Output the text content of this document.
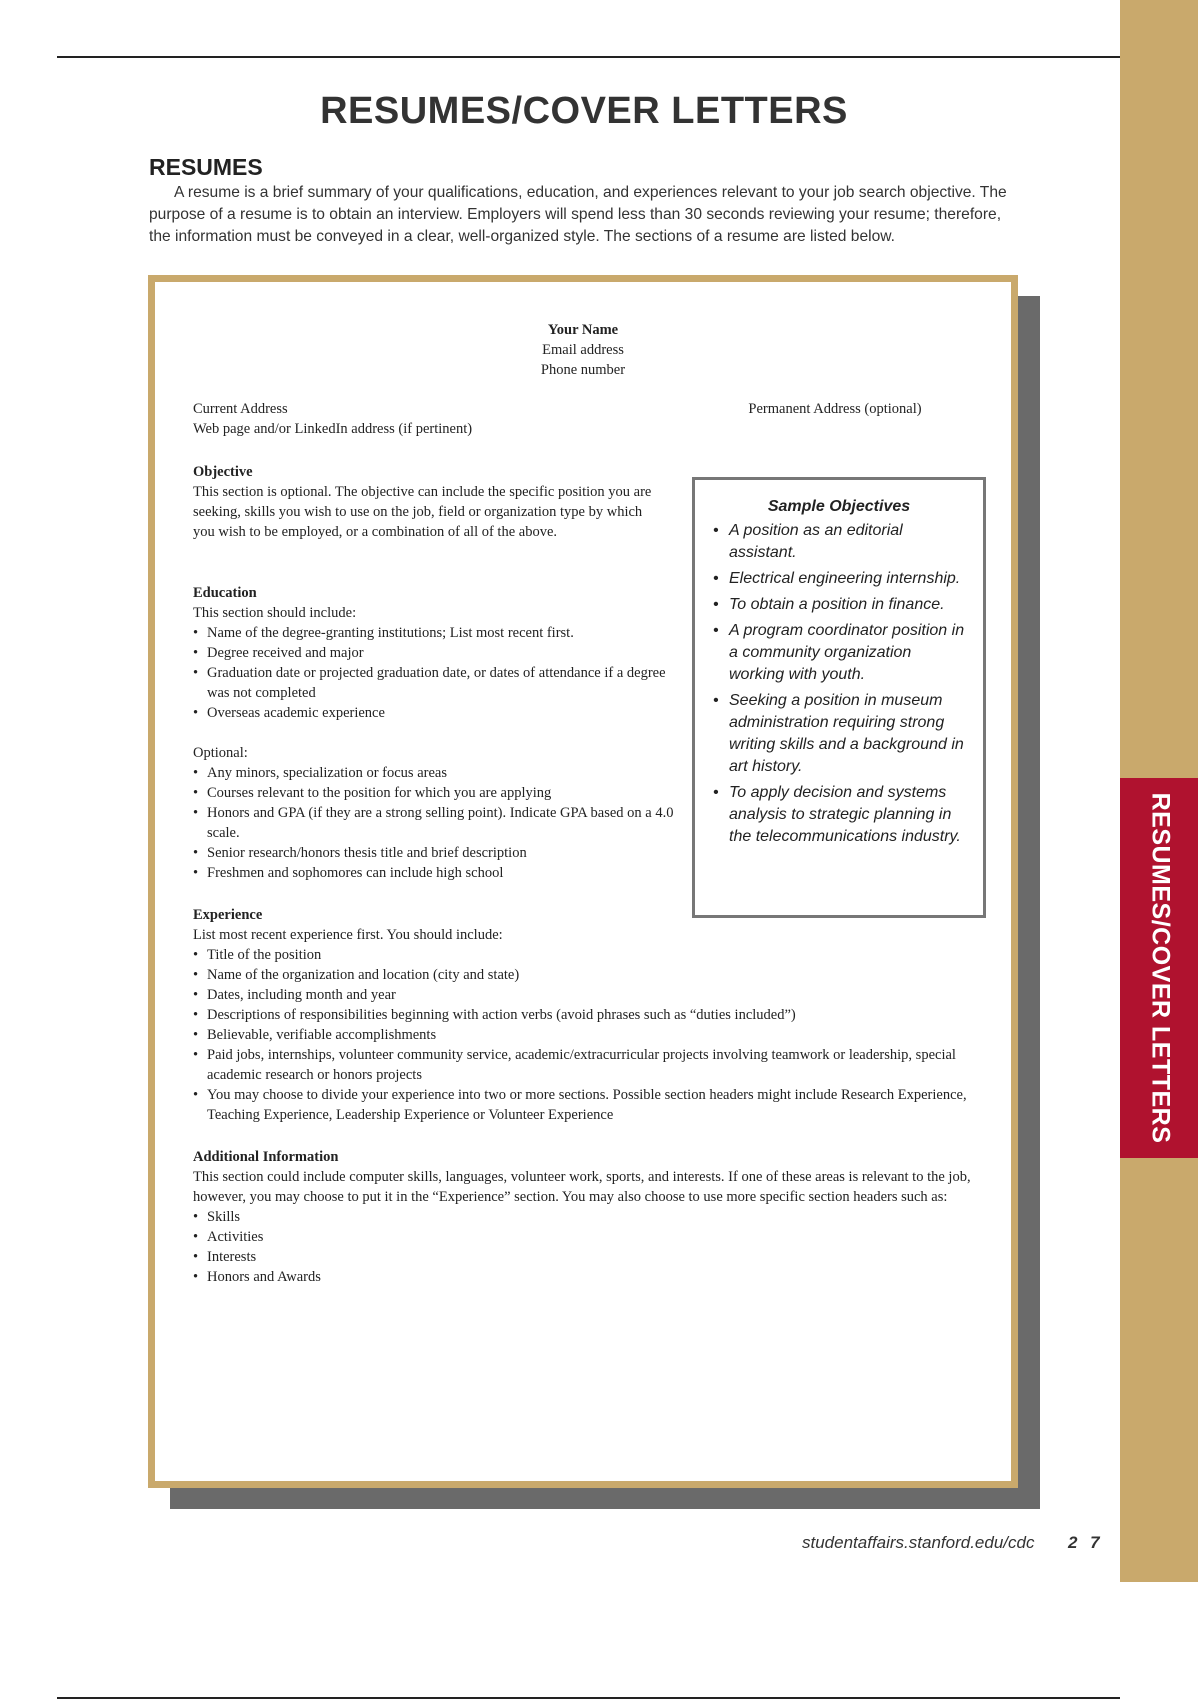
RESUMES/COVER LETTERS
RESUMES/COVER LETTERS
RESUMES
A resume is a brief summary of your qualifications, education, and experiences relevant to your job search objective. The purpose of a resume is to obtain an interview. Employers will spend less than 30 seconds reviewing your resume; therefore, the information must be conveyed in a clear, well-organized style. The sections of a resume are listed below.
Your Name
Email address
Phone number
Current Address
Web page and/or LinkedIn address (if pertinent)
Permanent Address (optional)
Objective
This section is optional. The objective can include the specific position you are seeking, skills you wish to use on the job, field or organization type by which you wish to be employed, or a combination of all of the above.
Education
This section should include:
• Name of the degree-granting institutions; List most recent first.
• Degree received and major
• Graduation date or projected graduation date, or dates of attendance if a degree was not completed
• Overseas academic experience
Optional:
• Any minors, specialization or focus areas
• Courses relevant to the position for which you are applying
• Honors and GPA (if they are a strong selling point). Indicate GPA based on a 4.0 scale.
• Senior research/honors thesis title and brief description
• Freshmen and sophomores can include high school
Experience
List most recent experience first. You should include:
• Title of the position
• Name of the organization and location (city and state)
• Dates, including month and year
• Descriptions of responsibilities beginning with action verbs (avoid phrases such as “duties included”)
• Believable, verifiable accomplishments
• Paid jobs, internships, volunteer community service, academic/extracurricular projects involving teamwork or leadership, special academic research or honors projects
• You may choose to divide your experience into two or more sections. Possible section headers might include Research Experience, Teaching Experience, Leadership Experience or Volunteer Experience
Additional Information
This section could include computer skills, languages, volunteer work, sports, and interests. If one of these areas is relevant to the job, however, you may choose to put it in the “Experience” section. You may also choose to use more specific section headers such as:
• Skills
• Activities
• Interests
• Honors and Awards
Sample Objectives
• A position as an editorial assistant.
• Electrical engineering internship.
• To obtain a position in finance.
• A program coordinator position in a community organization working with youth.
• Seeking a position in museum administration requiring strong writing skills and a background in art history.
• To apply decision and systems analysis to strategic planning in the telecommunications industry.
studentaffairs.stanford.edu/cdc 2 7
